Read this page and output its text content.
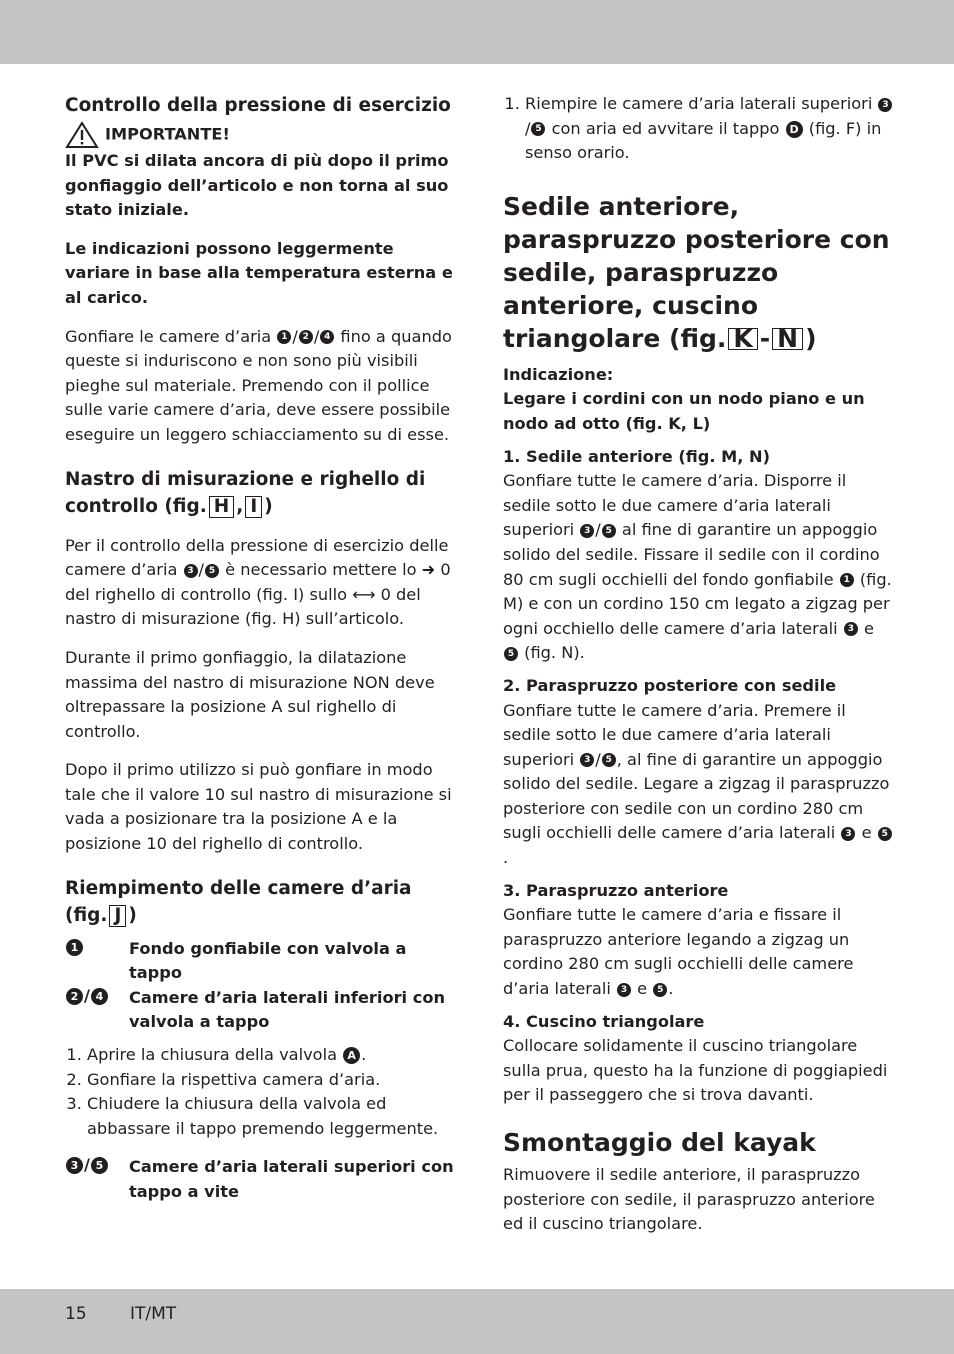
Controllo della pressione di esercizio

IMPORTANTE!

Il PVC si dilata ancora di più dopo il primo gonfiaggio dell’articolo e non torna al suo stato iniziale.

Le indicazioni possono leggermente variare in base alla temperatura esterna e al carico.

Gonfiare le camere d’aria 1 / 2 / 4 fino a quando queste si induriscono e non sono più visibili pieghe sul materiale. Premendo con il pollice sulle varie camere d’aria, deve essere possibile eseguire un leggero schiacciamento su di esse.

Nastro di misurazione e righello di controllo (fig. H , I )

Per il controllo della pressione di esercizio delle camere d’aria 3 / 5 è necessario mettere lo ➜ 0 del righello di controllo (fig. I) sullo ⟷ 0 del nastro di misurazione (fig. H) sull’articolo.

Durante il primo gonfiaggio, la dilatazione massima del nastro di misurazione NON deve oltrepassare la posizione A sul righello di controllo.

Dopo il primo utilizzo si può gonfiare in modo tale che il valore 10 sul nastro di misurazione si vada a posizionare tra la posizione A e la posizione 10 del righello di controllo.

Riempimento delle camere d’aria (fig. J )

1	Fondo gonfiabile con valvola a tappo
2 / 4	Camere d’aria laterali inferiori con valvola a tappo
1. Aprire la chiusura della valvola A .
2. Gonfiare la rispettiva camera d’aria.
3. Chiudere la chiusura della valvola ed abbassare il tappo premendo leggermente.
3 / 5	Camere d’aria laterali superiori con tappo a vite
1. Riempire le camere d’aria laterali superiori 3/ 5 con aria ed avvitare il tappo D (fig. F) in senso orario.

Sedile anteriore, paraspruzzo posteriore con sedile, paraspruzzo anteriore, cuscino triangolare (fig. K - N )

Indicazione:

Legare i cordini con un nodo piano e un nodo ad otto (fig. K, L)

1. Sedile anteriore (fig. M, N)

Gonfiare tutte le camere d’aria. Disporre il sedile sotto le due camere d’aria laterali superiori 3 / 5 al fine di garantire un appoggio solido del sedile. Fissare il sedile con il cordino 80 cm sugli occhielli del fondo gonfiabile 1 (fig. M) e con un cordino 150 cm legato a zigzag per ogni occhiello delle camere d’aria laterali 3 e 5 (fig. N).

2. Paraspruzzo posteriore con sedile

Gonfiare tutte le camere d’aria. Premere il sedile sotto le due camere d’aria laterali superiori 3 / 5 , al fine di garantire un appoggio solido del sedile. Legare a zigzag il paraspruzzo posteriore con sedile con un cordino 280 cm sugli occhielli delle camere d’aria laterali 3 e 5.

3. Paraspruzzo anteriore

Gonfiare tutte le camere d’aria e fissare il paraspruzzo anteriore legando a zigzag un cordino 280 cm sugli occhielli delle camere d’aria laterali 3 e 5 .

4. Cuscino triangolare

Collocare solidamente il cuscino triangolare sulla prua, questo ha la funzione di poggiapiedi per il passeggero che si trova davanti.

Smontaggio del kayak

Rimuovere il sedile anteriore, il paraspruzzo posteriore con sedile, il paraspruzzo anteriore ed il cuscino triangolare.

15	IT/MT
